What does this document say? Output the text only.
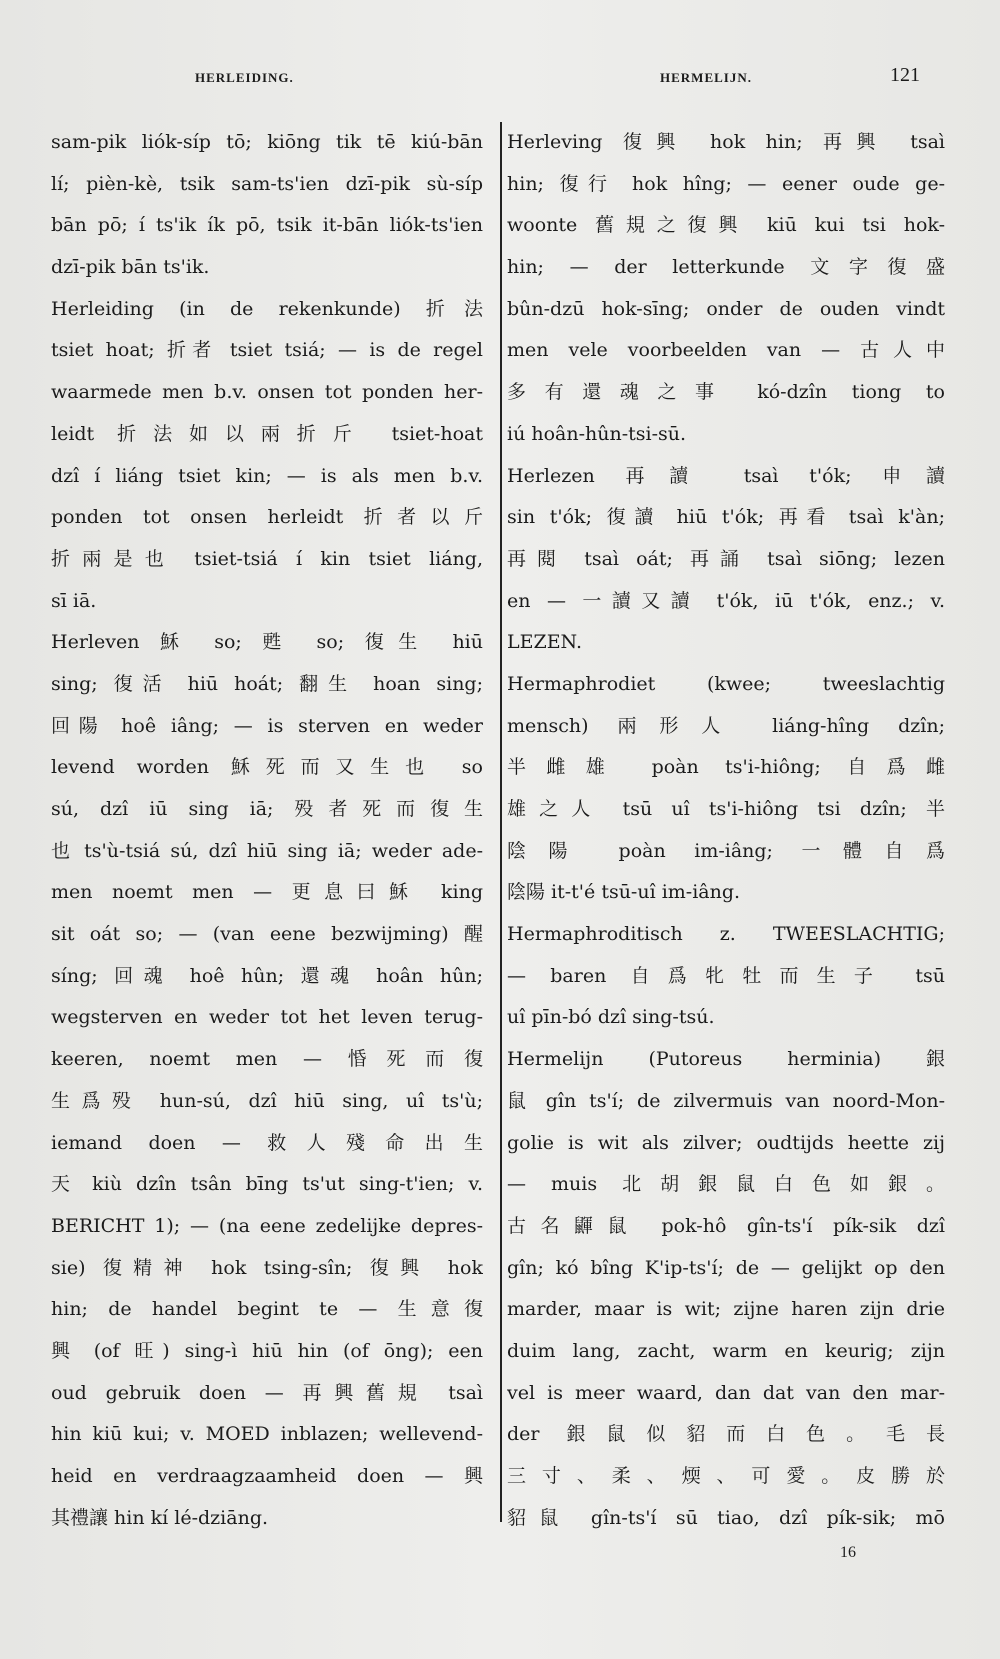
HERLEIDING.	HERMELIJN.	121
sam-pik liók-síp tō; kiōng tik tē kiú-bān
lí; pièn-kè, tsik sam-ts'ien dzī-pik sù-síp
bān pō; í ts'ik ík pō, tsik it-bān liók-ts'ien
dzī-pik bān ts'ik.
Herleiding (in de rekenkunde) 折法
tsiet hoat; 折者 tsiet tsiá; — is de regel
waarmede men b.v. onsen tot ponden her-
leidt 折法如以兩折斤 tsiet-hoat
dzî í liáng tsiet kin; — is als men b.v.
ponden tot onsen herleidt 折者以斤
折兩是也 tsiet-tsiá í kin tsiet liáng,
sī iā.
Herleven 穌 so; 甦 so; 復生 hiū
sing; 復活 hiū hoát; 翻生 hoan sing;
回陽 hoê iâng; — is sterven en weder
levend worden 穌死而又生也 so
sú, dzî iū sing iā; 殁者死而復生
也 ts'ù-tsiá sú, dzî hiū sing iā; weder ade-
men noemt men — 更息曰穌 king
sit oát so; — (van eene bezwijming) 醒
síng; 回魂 hoê hûn; 還魂 hoân hûn;
wegsterven en weder tot het leven terug-
keeren, noemt men — 惛死而復
生爲殁 hun-sú, dzî hiū sing, uî ts'ù;
iemand doen — 救人殘命出生
天 kiù dzîn tsân bīng ts'ut sing-t'ien; v.
BERICHT 1); — (na eene zedelijke depres-
sie) 復精神 hok tsing-sîn; 復興 hok
hin; de handel begint te — 生意復
興 (of 旺) sing-ì hiū hin (of ōng); een
oud gebruik doen — 再興舊規 tsaì
hin kiū kui; v. MOED inblazen; wellevend-
heid en verdraagzaamheid doen — 興
其禮讓 hin kí lé-dziāng.
Herleving 復興 hok hin; 再興 tsaì
hin; 復行 hok hîng; — eener oude ge-
woonte 舊規之復興 kiū kui tsi hok-
hin; — der letterkunde 文字復盛
bûn-dzū hok-sīng; onder de ouden vindt
men vele voorbeelden van — 古人中
多有還魂之事 kó-dzîn tiong to
iú hoân-hûn-tsi-sū.
Herlezen 再讀 tsaì t'ók; 申讀
sin t'ók; 復讀 hiū t'ók; 再看 tsaì k'àn;
再閱 tsaì oát; 再誦 tsaì siōng; lezen
en — 一讀又讀 t'ók, iū t'ók, enz.; v.
LEZEN.
Hermaphrodiet (kwee; tweeslachtig
mensch) 兩形人 liáng-hîng dzîn;
半雌雄 poàn ts'i-hiông; 自爲雌
雄之人 tsū uî ts'i-hiông tsi dzîn; 半
陰陽 poàn im-iâng; 一體自爲
陰陽 it-t'é tsū-uî im-iâng.
Hermaphroditisch z. TWEESLACHTIG;
— baren 自爲牝牡而生子 tsū
uî pīn-bó dzî sing-tsú.
Hermelijn (Putoreus herminia) 銀
鼠 gîn ts'í; de zilvermuis van noord-Mon-
golie is wit als zilver; oudtijds heette zij
— muis 北胡銀鼠白色如銀。
古名鼲鼠 pok-hô gîn-ts'í pík-sik dzî
gîn; kó bîng K'ip-ts'í; de — gelijkt op den
marder, maar is wit; zijne haren zijn drie
duim lang, zacht, warm en keurig; zijn
vel is meer waard, dan dat van den mar-
der 銀鼠似貂而白色。毛長
三寸、柔、煗、可愛。皮勝於
貂鼠 gîn-ts'í sū tiao, dzî pík-sik; mō
16
